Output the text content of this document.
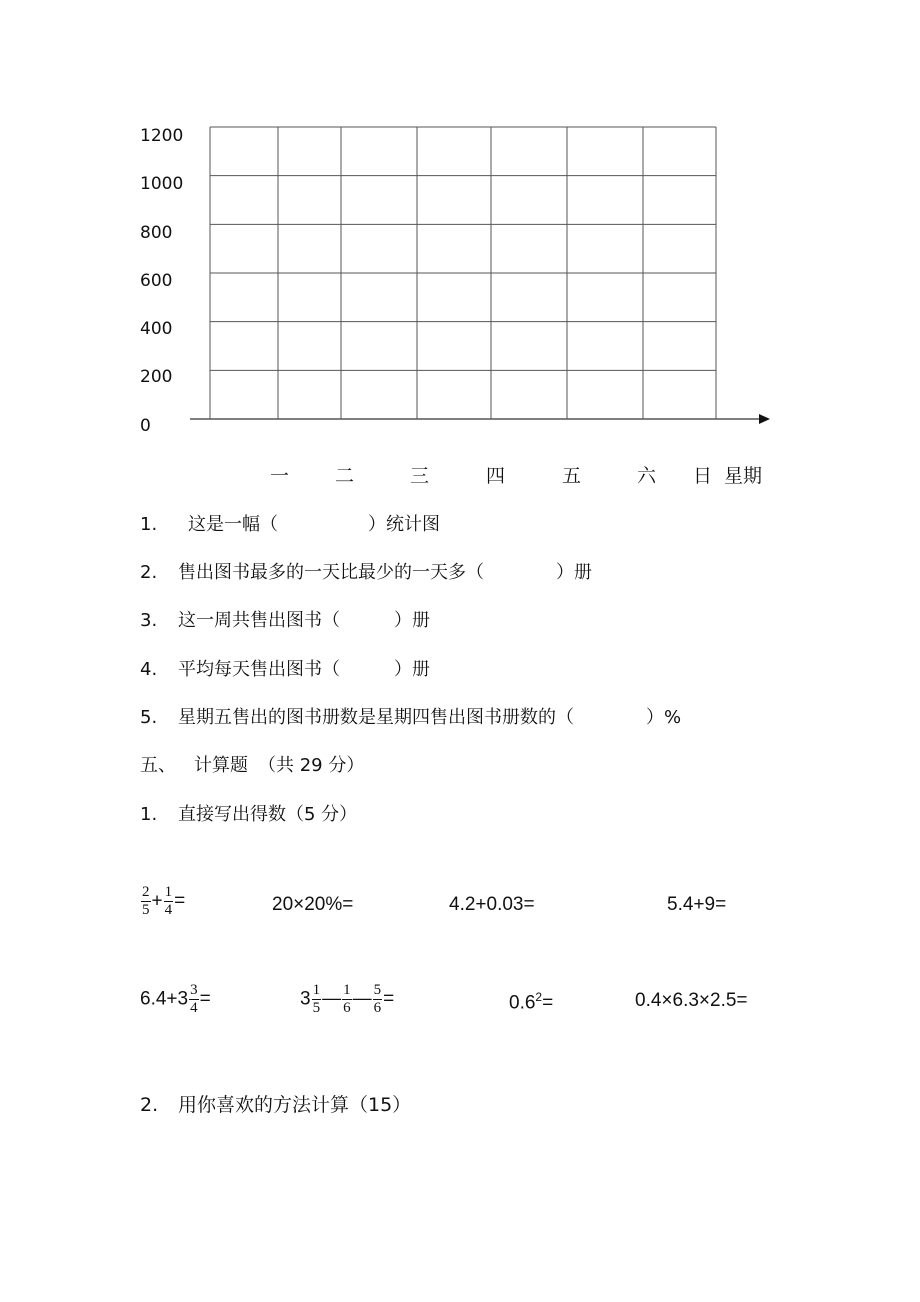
1200
1000
800
600
400
200
0
一 二	三	四	五	六 日 星期
1. 这是一幅（　　　　　）统计图
2. 售出图书最多的一天比最少的一天多（　　　　）册
3. 这一周共售出图书（　　　）册
4. 平均每天售出图书（　　　）册
5. 星期五售出的图书册数是星期四售出图书册数的（　　　　）%
五、 计算题 （共 29 分）
1. 直接写出得数（5 分）
$\frac{2}{5} + \frac{1}{4}$ =	20×20%=	4.2+0.03=	5.4+9=
$6.4+3 \frac{3}{4}$ =	$3 \frac{1}{5}$ — $\frac{1}{6}$ — $\frac{5}{6}$ =	$0.6^2=$	0.4×6.3×2.5=
2. 用你喜欢的方法计算（15）
